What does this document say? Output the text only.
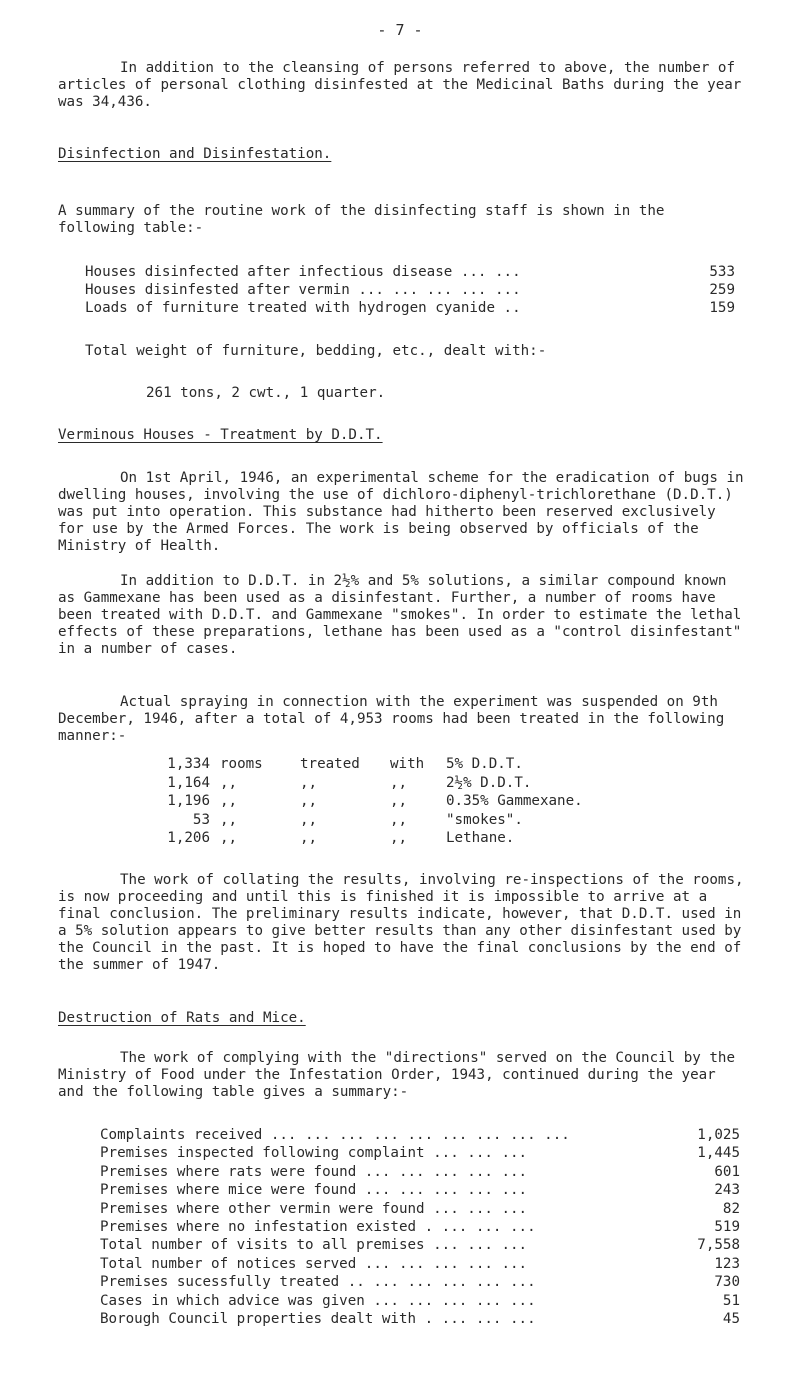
- 7 -

In addition to the cleansing of persons referred to above, the number of articles of personal clothing disinfested at the Medicinal Baths during the year was 34,436.

Disinfection and Disinfestation.

A summary of the routine work of the disinfecting staff is shown in the following table:-

Houses disinfected after infectious disease ... ...	533
Houses disinfested after vermin ... ... ... ... ...	259
Loads of furniture treated with hydrogen cyanide ..	159

Total weight of furniture, bedding, etc., dealt with:-

261 tons, 2 cwt., 1 quarter.

Verminous Houses - Treatment by D.D.T.

On 1st April, 1946, an experimental scheme for the eradication of bugs in dwelling houses, involving the use of dichloro-diphenyl-trichlorethane (D.D.T.) was put into operation. This substance had hitherto been reserved exclusively for use by the Armed Forces. The work is being observed by officials of the Ministry of Health.

In addition to D.D.T. in 2½% and 5% solutions, a similar compound known as Gammexane has been used as a disinfestant. Further, a number of rooms have been treated with D.D.T. and Gammexane "smokes". In order to estimate the lethal effects of these preparations, lethane has been used as a "control disinfestant" in a number of cases.

Actual spraying in connection with the experiment was suspended on 9th December, 1946, after a total of 4,953 rooms had been treated in the following manner:-

1,334 rooms	treated with 5% D.D.T.
1,164 ,,	,,	,,	2½% D.D.T.
1,196 ,,	,,	,,	0.35% Gammexane.
53 ,,	,,	,,	"smokes".
1,206 ,,	,,	,,	Lethane.

The work of collating the results, involving re-inspections of the rooms, is now proceeding and until this is finished it is impossible to arrive at a final conclusion. The preliminary results indicate, however, that D.D.T. used in a 5% solution appears to give better results than any other disinfestant used by the Council in the past. It is hoped to have the final conclusions by the end of the summer of 1947.

Destruction of Rats and Mice.

The work of complying with the "directions" served on the Council by the Ministry of Food under the Infestation Order, 1943, continued during the year and the following table gives a summary:-

Complaints received ... ... ... ... ... ... ... ... ...	1,025
Premises inspected following complaint ... ... ...	1,445
Premises where rats were found ... ... ... ... ...	601
Premises where mice were found ... ... ... ... ...	243
Premises where other vermin were found ... ... ...	82
Premises where no infestation existed . ... ... ...	519
Total number of visits to all premises ... ... ...	7,558
Total number of notices served ... ... ... ... ...	123
Premises sucessfully treated .. ... ... ... ... ...	730
Cases in which advice was given ... ... ... ... ...	51
Borough Council properties dealt with . ... ... ...	45
